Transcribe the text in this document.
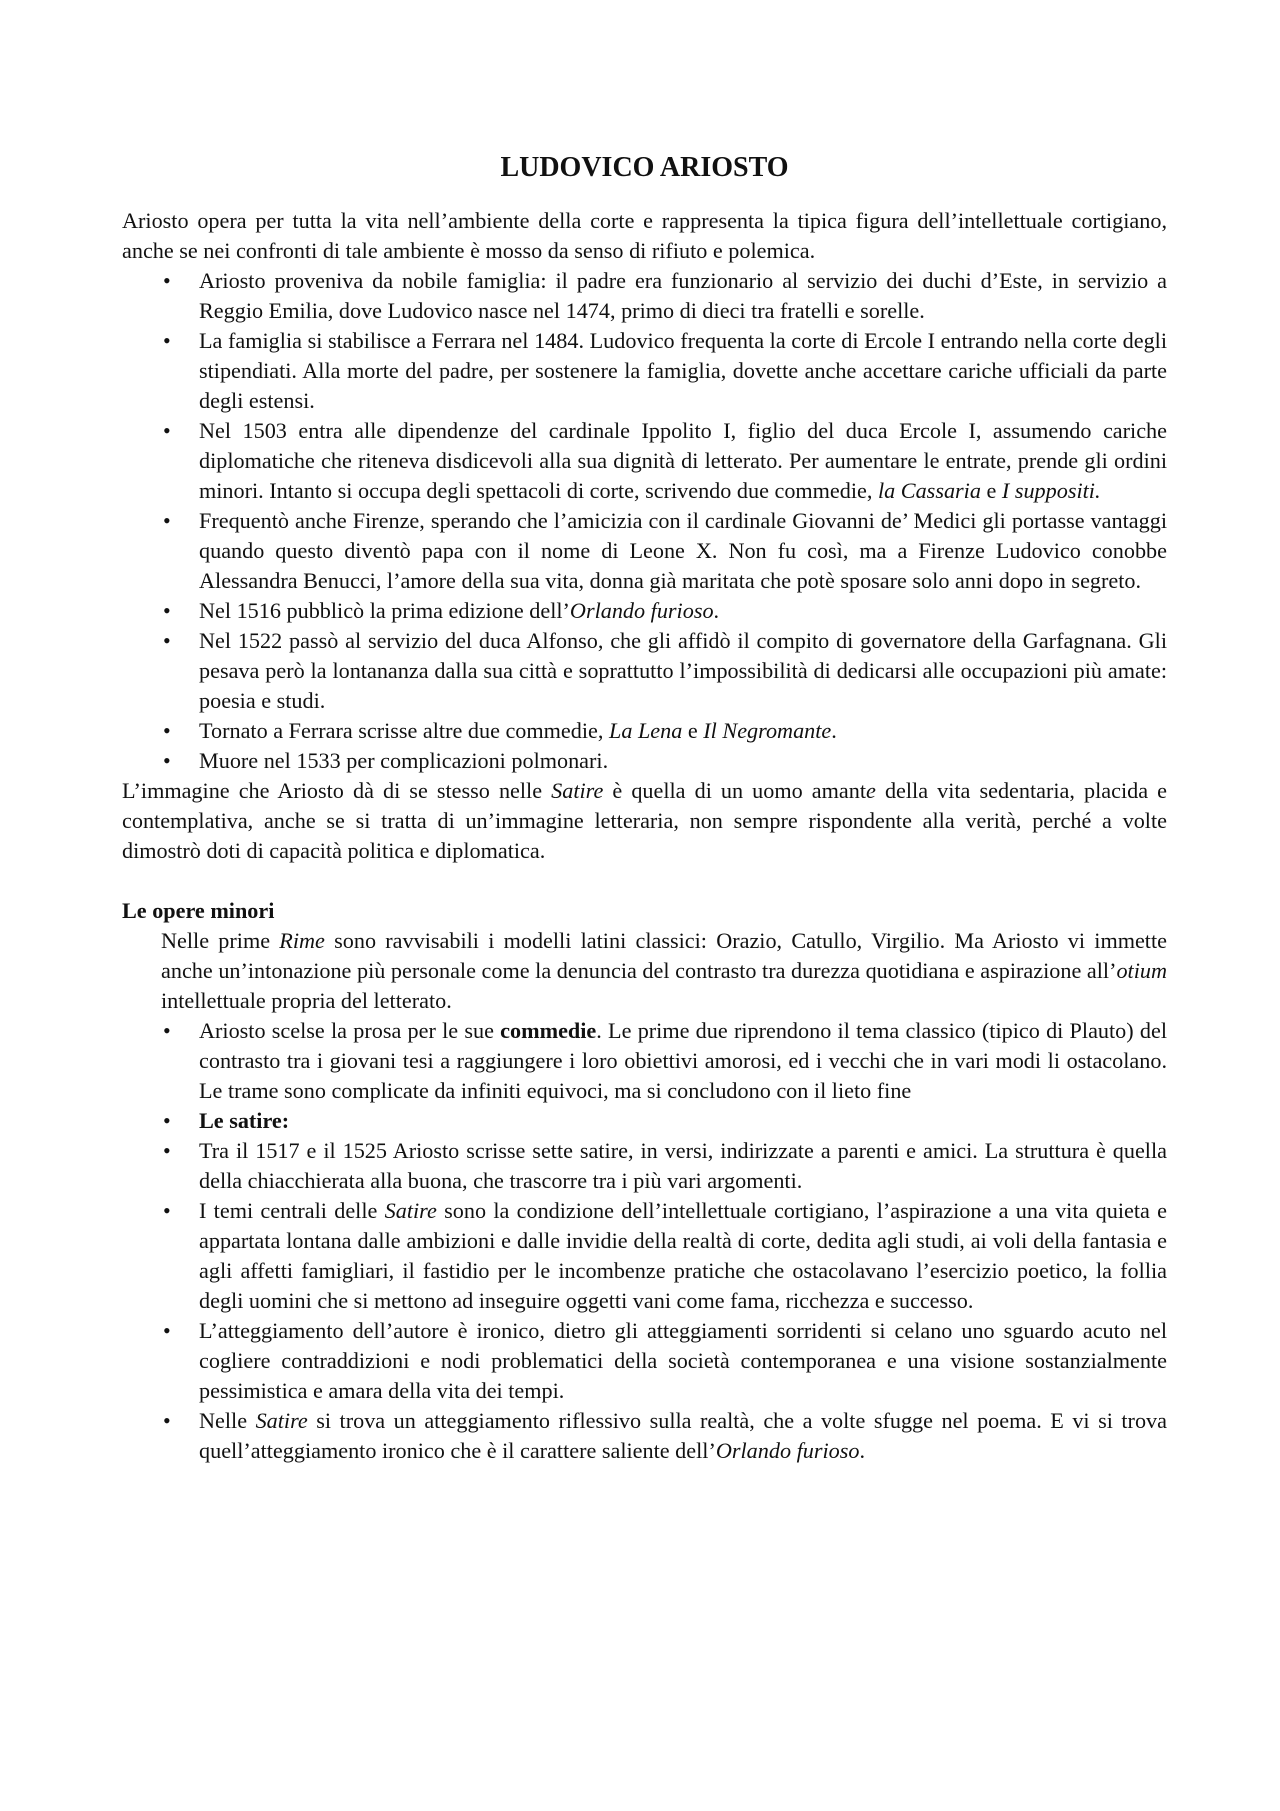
LUDOVICO ARIOSTO

Ariosto opera per tutta la vita nell’ambiente della corte e rappresenta la tipica figura dell’intellettuale cortigiano, anche se nei confronti di tale ambiente è mosso da senso di rifiuto e polemica.

• Ariosto proveniva da nobile famiglia: il padre era funzionario al servizio dei duchi d’Este, in servizio a Reggio Emilia, dove Ludovico nasce nel 1474, primo di dieci tra fratelli e sorelle.
• La famiglia si stabilisce a Ferrara nel 1484. Ludovico frequenta la corte di Ercole I entrando nella corte degli stipendiati. Alla morte del padre, per sostenere la famiglia, dovette anche accettare cariche ufficiali da parte degli estensi.
• Nel 1503 entra alle dipendenze del cardinale Ippolito I, figlio del duca Ercole I, assumendo cariche diplomatiche che riteneva disdicevoli alla sua dignità di letterato. Per aumentare le entrate, prende gli ordini minori. Intanto si occupa degli spettacoli di corte, scrivendo due commedie, la Cassaria e I suppositi.
• Frequentò anche Firenze, sperando che l’amicizia con il cardinale Giovanni de’ Medici gli portasse vantaggi quando questo diventò papa con il nome di Leone X. Non fu così, ma a Firenze Ludovico conobbe Alessandra Benucci, l’amore della sua vita, donna già maritata che potè sposare solo anni dopo in segreto.
• Nel 1516 pubblicò la prima edizione dell’Orlando furioso.
• Nel 1522 passò al servizio del duca Alfonso, che gli affidò il compito di governatore della Garfagnana. Gli pesava però la lontananza dalla sua città e soprattutto l’impossibilità di dedicarsi alle occupazioni più amate: poesia e studi.
• Tornato a Ferrara scrisse altre due commedie, La Lena e Il Negromante.
• Muore nel 1533 per complicazioni polmonari.

L’immagine che Ariosto dà di se stesso nelle Satire è quella di un uomo amante della vita sedentaria, placida e contemplativa, anche se si tratta di un’immagine letteraria, non sempre rispondente alla verità, perché a volte dimostrò doti di capacità politica e diplomatica.

Le opere minori

Nelle prime Rime sono ravvisabili i modelli latini classici: Orazio, Catullo, Virgilio. Ma Ariosto vi immette anche un’intonazione più personale come la denuncia del contrasto tra durezza quotidiana e aspirazione all’otium intellettuale propria del letterato.

• Ariosto scelse la prosa per le sue commedie. Le prime due riprendono il tema classico (tipico di Plauto) del contrasto tra i giovani tesi a raggiungere i loro obiettivi amorosi, ed i vecchi che in vari modi li ostacolano. Le trame sono complicate da infiniti equivoci, ma si concludono con il lieto fine
• Le satire:
• Tra il 1517 e il 1525 Ariosto scrisse sette satire, in versi, indirizzate a parenti e amici. La struttura è quella della chiacchierata alla buona, che trascorre tra i più vari argomenti.
• I temi centrali delle Satire sono la condizione dell’intellettuale cortigiano, l’aspirazione a una vita quieta e appartata lontana dalle ambizioni e dalle invidie della realtà di corte, dedita agli studi, ai voli della fantasia e agli affetti famigliari, il fastidio per le incombenze pratiche che ostacolavano l’esercizio poetico, la follia degli uomini che si mettono ad inseguire oggetti vani come fama, ricchezza e successo.
• L’atteggiamento dell’autore è ironico, dietro gli atteggiamenti sorridenti si celano uno sguardo acuto nel cogliere contraddizioni e nodi problematici della società contemporanea e una visione sostanzialmente pessimistica e amara della vita dei tempi.
• Nelle Satire si trova un atteggiamento riflessivo sulla realtà, che a volte sfugge nel poema. E vi si trova quell’atteggiamento ironico che è il carattere saliente dell’Orlando furioso.
